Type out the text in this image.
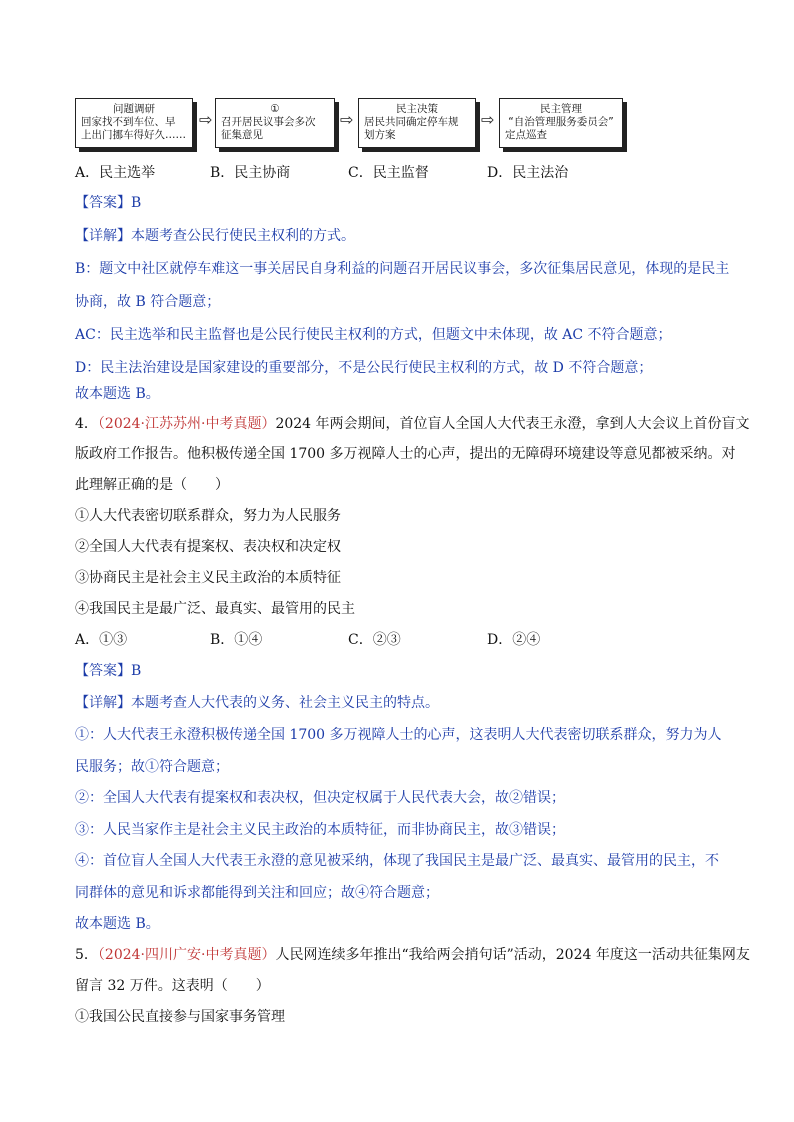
问题调研
回家找不到车位、早
上出门挪车得好久……
⇨
①
召开居民议事会多次
征集意见
⇨
民主决策
居民共同确定停车规
划方案
⇨
民主管理
“自治管理服务委员会”
定点巡查
A．民主选举	B．民主协商	C．民主监督	D．民主法治
【答案】B
【详解】本题考查公民行使民主权利的方式。
B：题文中社区就停车难这一事关居民自身利益的问题召开居民议事会，多次征集居民意见，体现的是民主
协商，故 B 符合题意；
AC：民主选举和民主监督也是公民行使民主权利的方式，但题文中未体现，故 AC 不符合题意；
D：民主法治建设是国家建设的重要部分，不是公民行使民主权利的方式，故 D 不符合题意；
故本题选 B。
4．（2024·江苏苏州·中考真题）2024 年两会期间，首位盲人全国人大代表王永澄，拿到人大会议上首份盲文
版政府工作报告。他积极传递全国 1700 多万视障人士的心声，提出的无障碍环境建设等意见都被采纳。对
此理解正确的是（　　）
①人大代表密切联系群众，努力为人民服务
②全国人大代表有提案权、表决权和决定权
③协商民主是社会主义民主政治的本质特征
④我国民主是最广泛、最真实、最管用的民主
A．①③	B．①④	C．②③	D．②④
【答案】B
【详解】本题考查人大代表的义务、社会主义民主的特点。
①：人大代表王永澄积极传递全国 1700 多万视障人士的心声，这表明人大代表密切联系群众，努力为人
民服务；故①符合题意；
②：全国人大代表有提案权和表决权，但决定权属于人民代表大会，故②错误；
③：人民当家作主是社会主义民主政治的本质特征，而非协商民主，故③错误；
④：首位盲人全国人大代表王永澄的意见被采纳，体现了我国民主是最广泛、最真实、最管用的民主，不
同群体的意见和诉求都能得到关注和回应；故④符合题意；
故本题选 B。
5．（2024·四川广安·中考真题）人民网连续多年推出“我给两会捎句话”活动，2024 年度这一活动共征集网友
留言 32 万件。这表明（　　）
①我国公民直接参与国家事务管理
